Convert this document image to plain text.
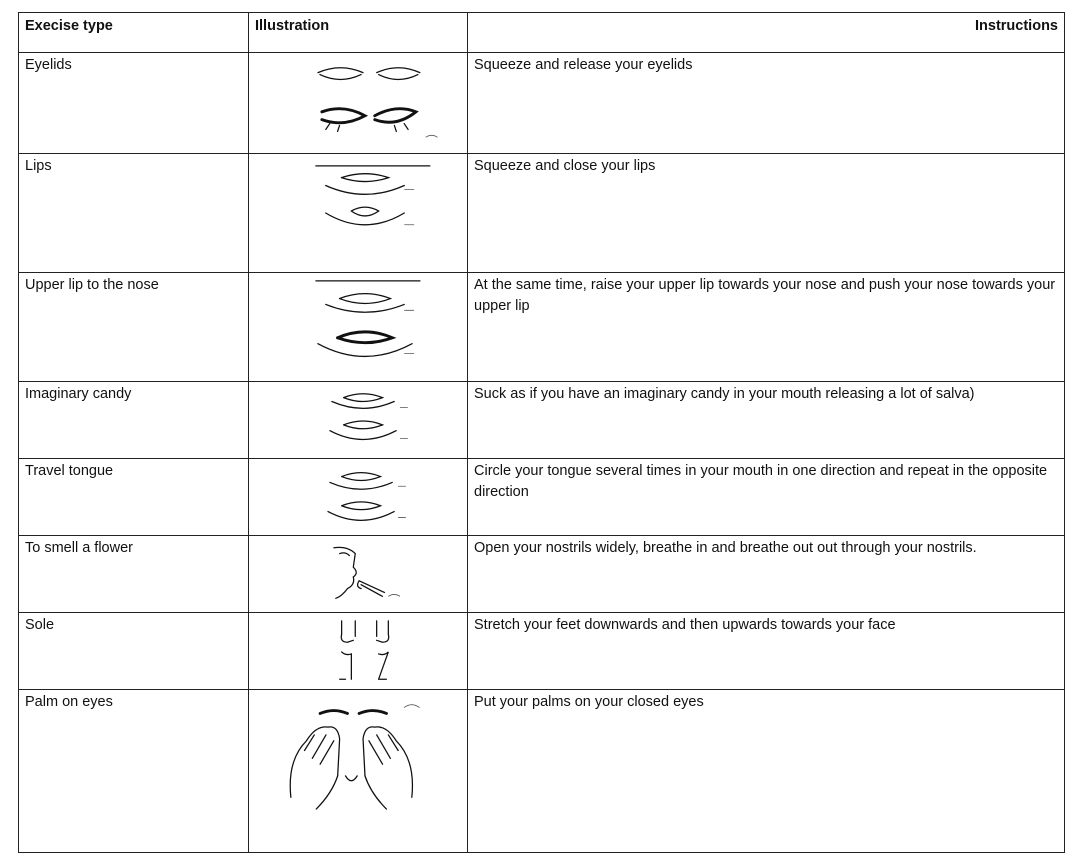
Execise type	Illustration	Instructions
Eyelids		Squeeze and release your eyelids
Lips		Squeeze and close your lips
Upper lip to the nose		At the same time, raise your upper lip towards your nose and push your nose towards your upper lip
Imaginary candy		Suck as if you have an imaginary candy in your mouth releasing a lot of salva)
Travel tongue		Circle your tongue several times in your mouth in one direction and repeat in the opposite direction
To smell a flower		Open your nostrils widely, breathe in and breathe out out through your nostrils.
Sole		Stretch your feet downwards and then upwards towards your face
Palm on eyes		Put your palms on your closed eyes
